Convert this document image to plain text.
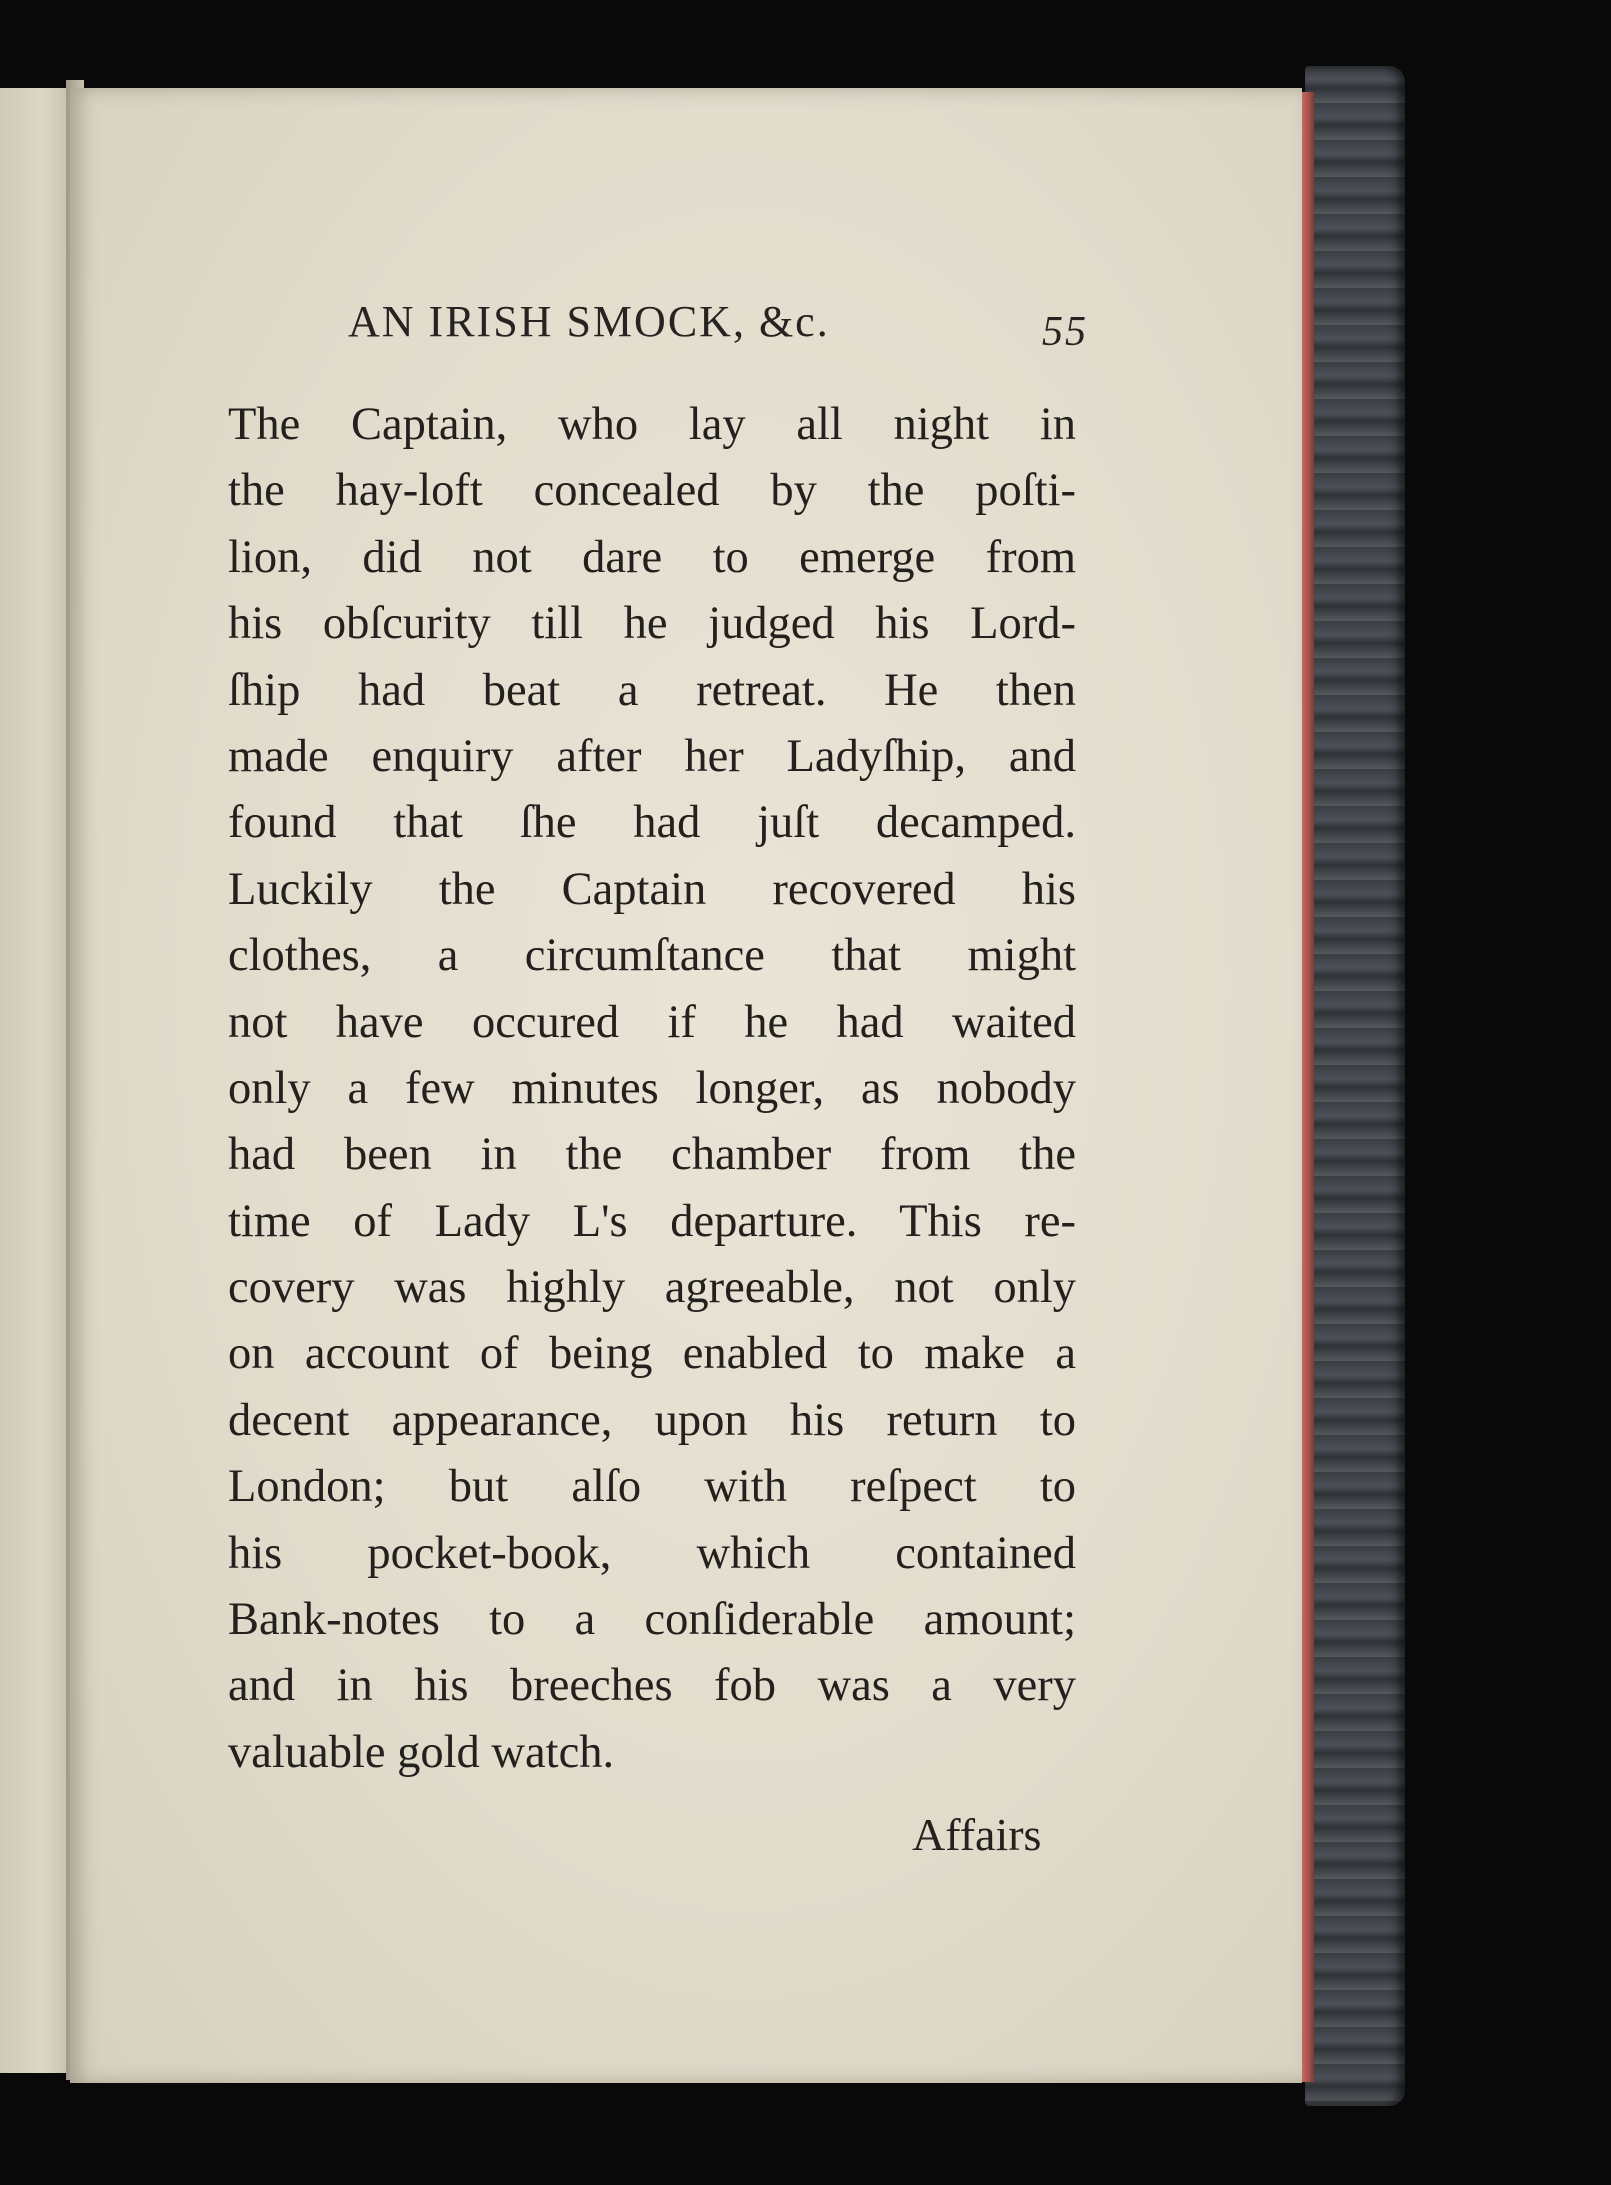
AN IRISH SMOCK, &c.	55
The Captain, who lay all night in
the hay-loft concealed by the poſti-
lion, did not dare to emerge from
his obſcurity till he judged his Lord-
ſhip had beat a retreat. He then
made enquiry after her Ladyſhip, and
found that ſhe had juſt decamped.
Luckily the Captain recovered his
clothes, a circumſtance that might
not have occured if he had waited
only a few minutes longer, as nobody
had been in the chamber from the
time of Lady L's departure. This re-
covery was highly agreeable, not only
on account of being enabled to make a
decent appearance, upon his return to
London; but alſo with reſpect to
his pocket-book, which contained
Bank-notes to a conſiderable amount;
and in his breeches fob was a very
valuable gold watch.
Affairs
